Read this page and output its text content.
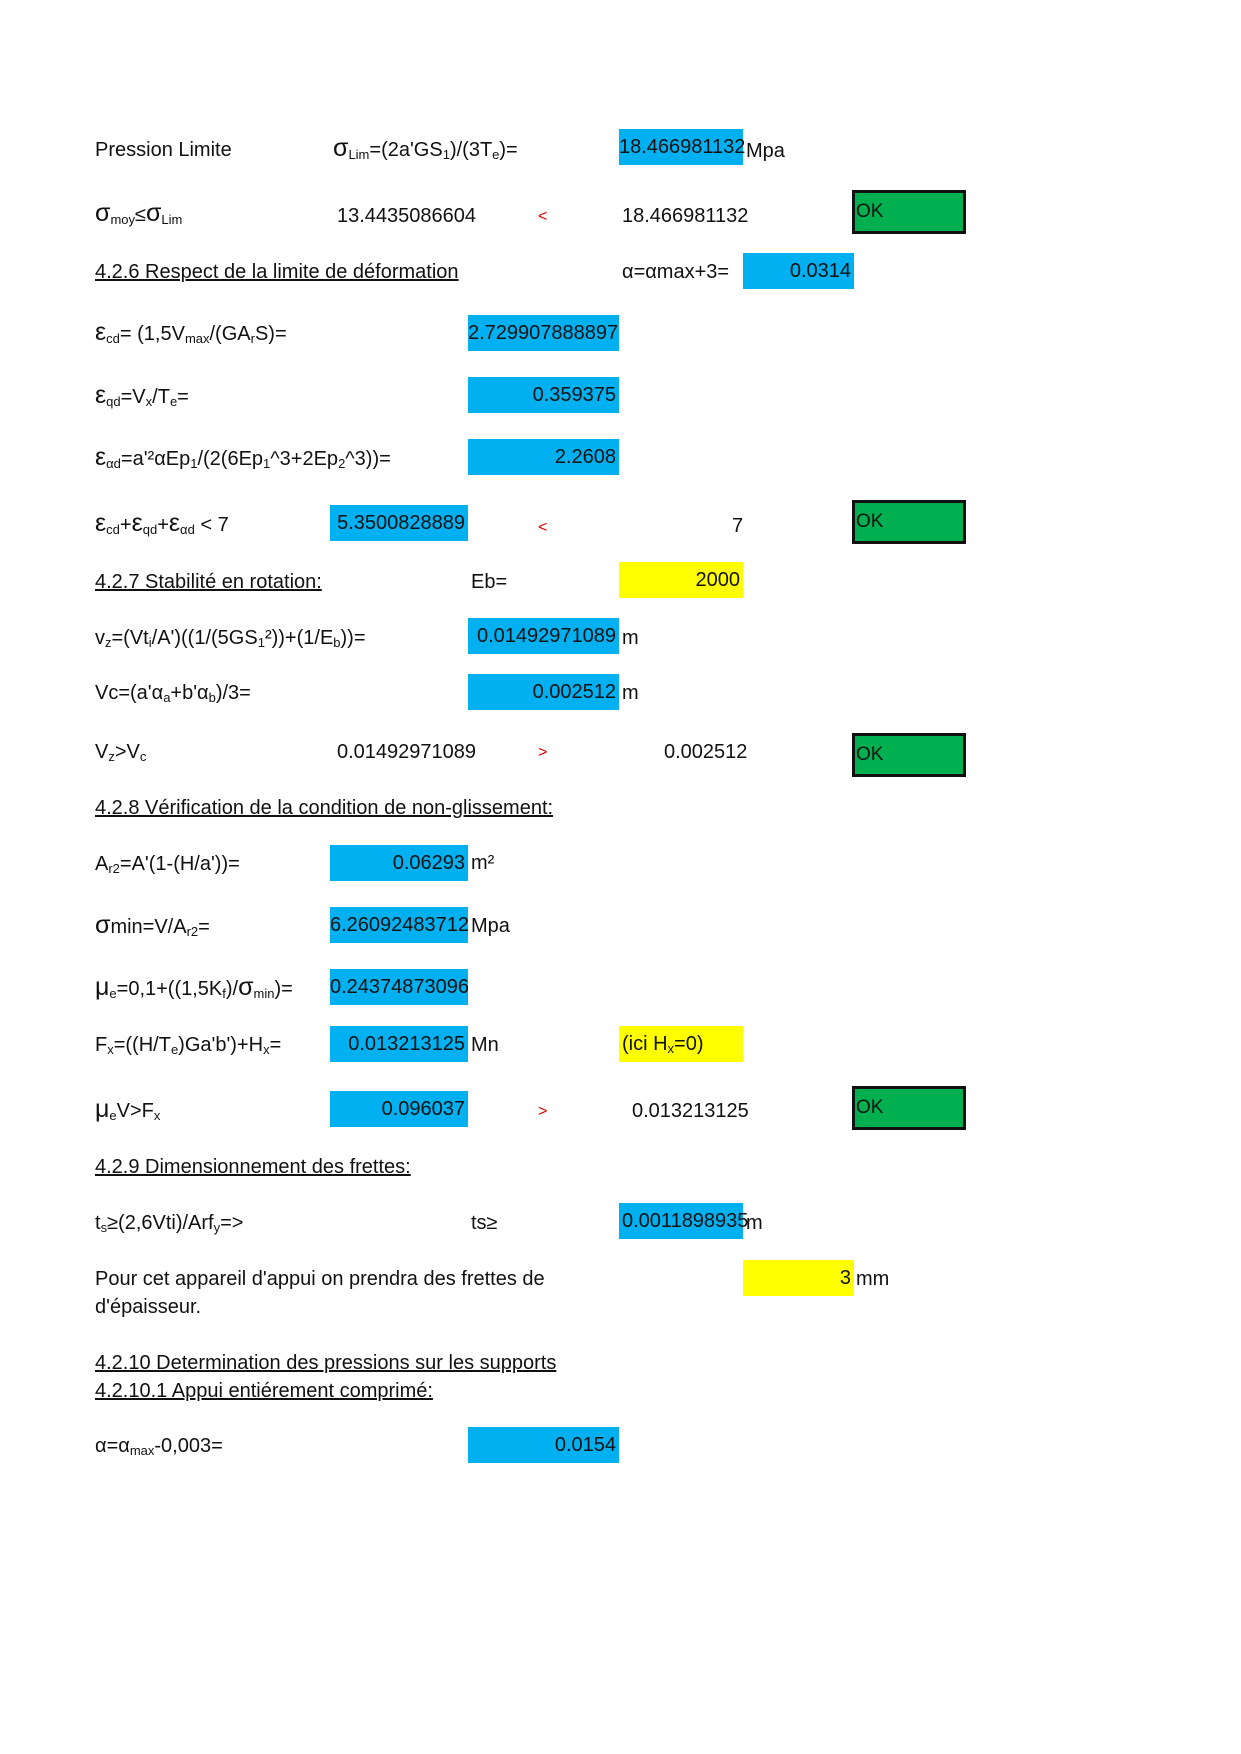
Pression Limite	$\sigma_{Lim}=(2a'GS_1)/(3T_e)=$	18.466981132 Mpa
$\sigma_{moy}\le\sigma_{Lim}$	13.4435086604	<	18.466981132	OK
4.2.6 Respect de la limite de déformation	α=αmax+3=	0.0314
$\varepsilon_{cd}= (1,5V_{max}/(GA_rS)=$	2.729907888897
$\varepsilon_{qd}=V_x/T_e=$	0.359375
$\varepsilon_{\alpha d}=a'^2\alpha Ep_1/(2(6Ep_1\^{}3+2Ep_2\^{}3))=$	2.2608
$\varepsilon_{cd}+\varepsilon_{qd}+\varepsilon_{\alpha d} < 7$	5.3500828889	<	7	OK
4.2.7 Stabilité en rotation:	Eb=	2000
$v_z=(Vt_i/A')((1/(5GS_1^2))+(1/E_b))=$	0.01492971089 m
$Vc=(a'\alpha_a+b'\alpha_b)/3=$	0.002512 m
$V_z>V_c$	0.01492971089	>	0.002512	OK
4.2.8 Vérification de la condition de non-glissement:
$A_{r2}=A'(1-(H/a'))=$	0.06293 m²
$\sigma\min=V/A_{r2}=$	6.26092483712 Mpa
$\mu_e=0,1+((1,5K_f)/\sigma_{min})= 0.24374873096$
$F_x=((H/T_e)Ga'b')+H_x=$	0.013213125 Mn	(ici $H_x=0$)
$\mu_eV>F_x$	0.096037	>	0.013213125	OK
4.2.9 Dimensionnement des frettes:
$t_s\ge(2,6Vti)/Arf_y=>$	ts≥	0.0011898935
m
Pour cet appareil d'appui on prendra des frettes de
d'épaisseur.
3 mm
4.2.10 Determination des pressions sur les supports
4.2.10.1 Appui entiérement comprimé:
$\alpha=\alpha_{max}-0,003=$	0.0154
